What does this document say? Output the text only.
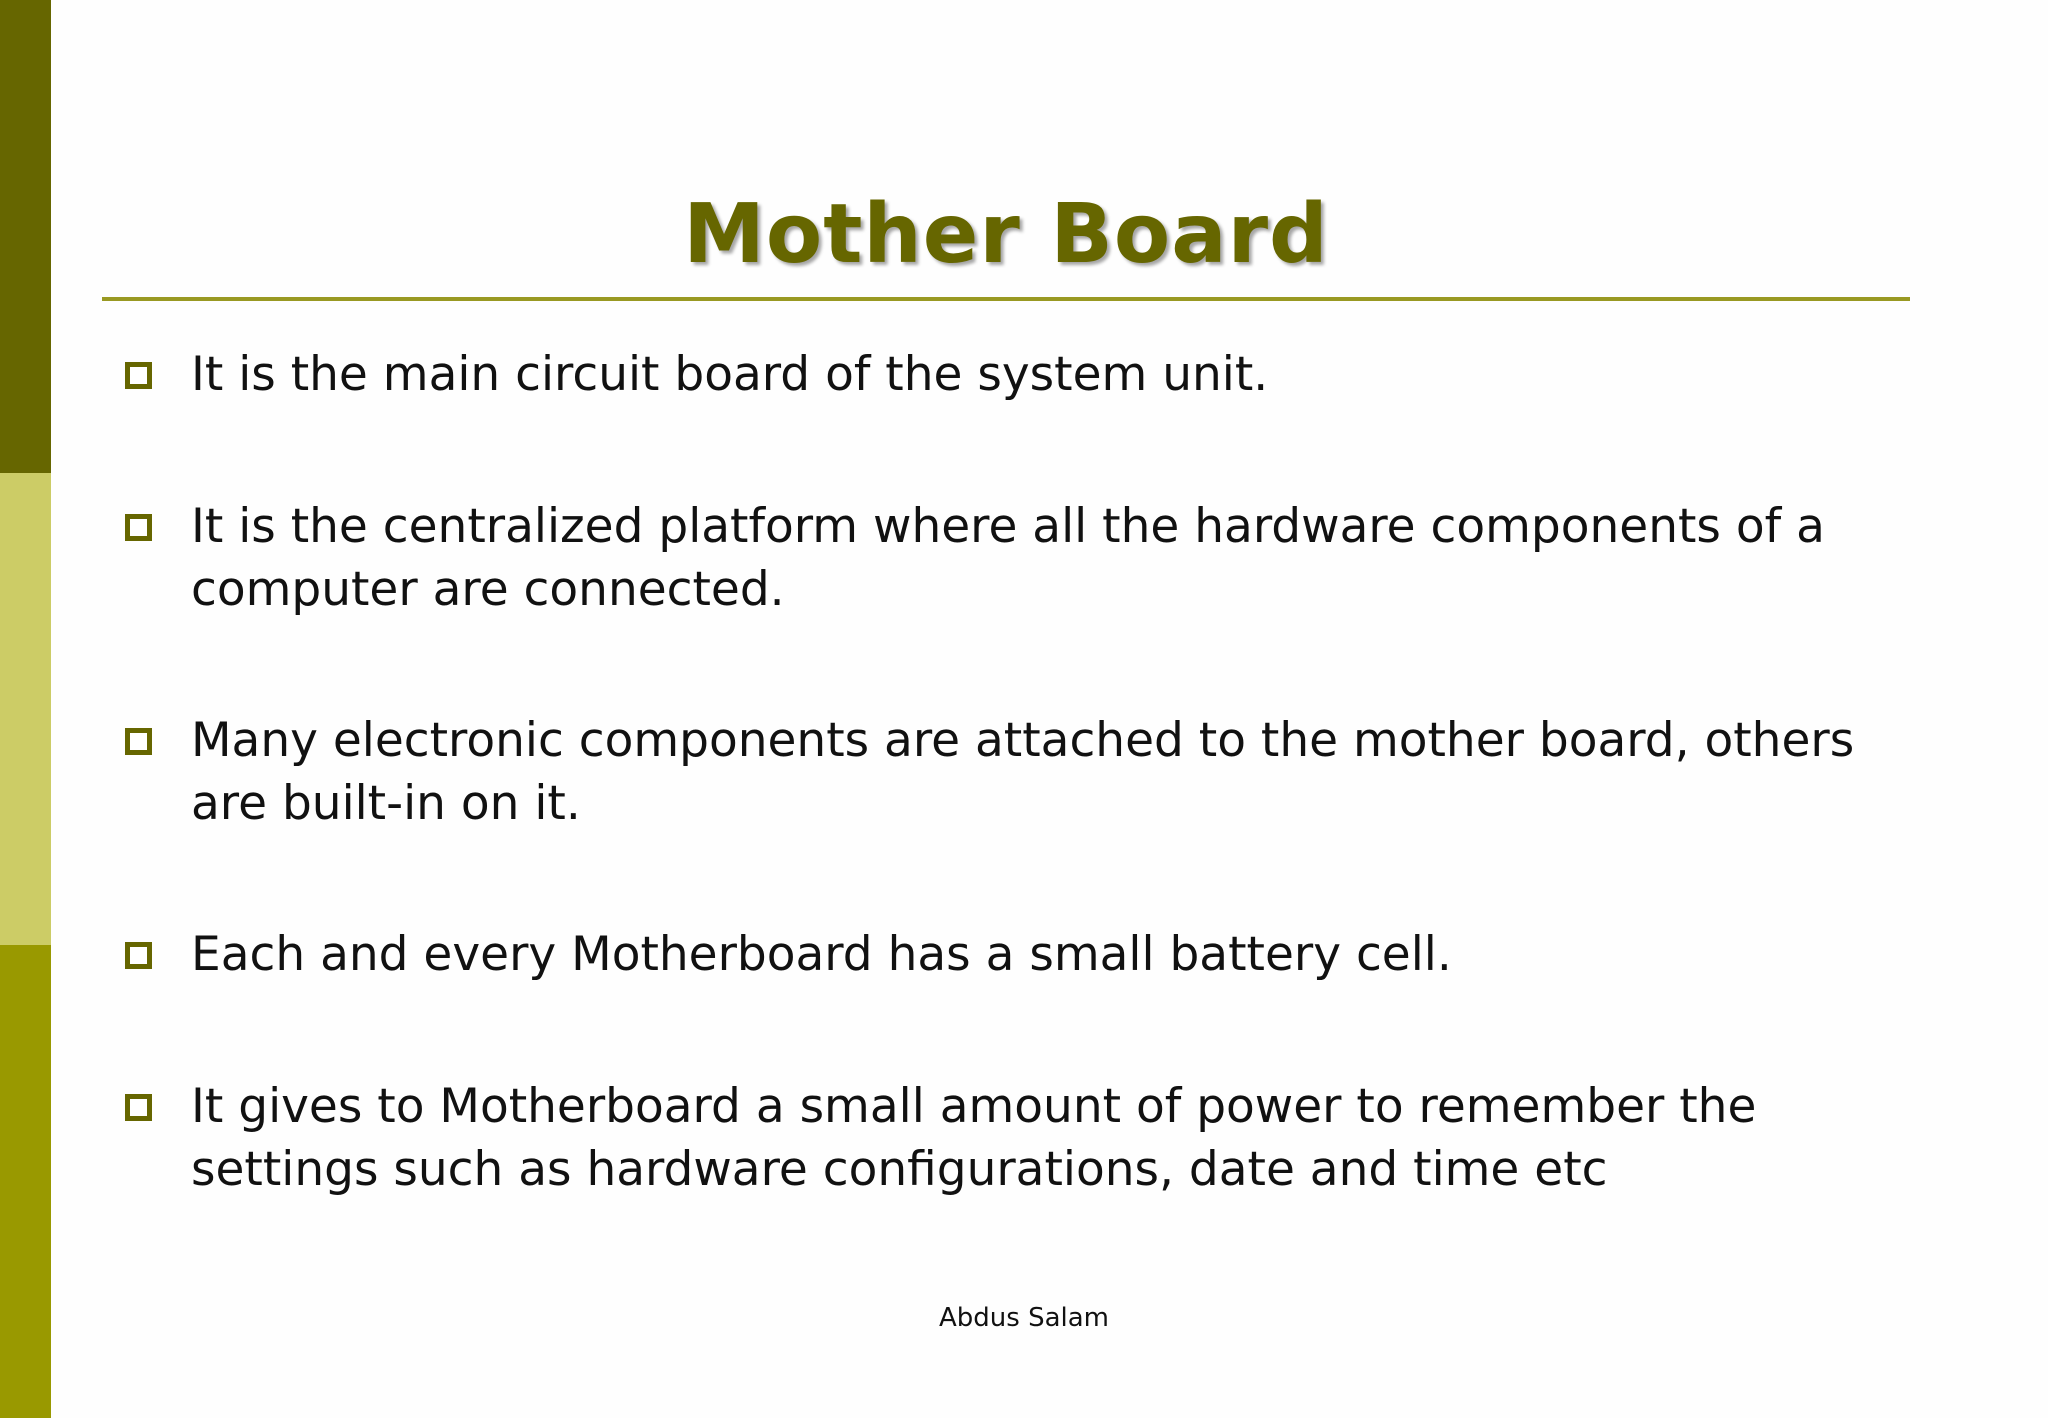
Mother Board
It is the main circuit board of the system unit.
It is the centralized platform where all the hardware components of a computer are connected.
Many electronic components are attached to the mother board, others are built-in on it.
Each and every Motherboard has a small battery cell.
It gives to Motherboard a small amount of power to remember the settings such as hardware configurations, date and time etc
Abdus Salam
